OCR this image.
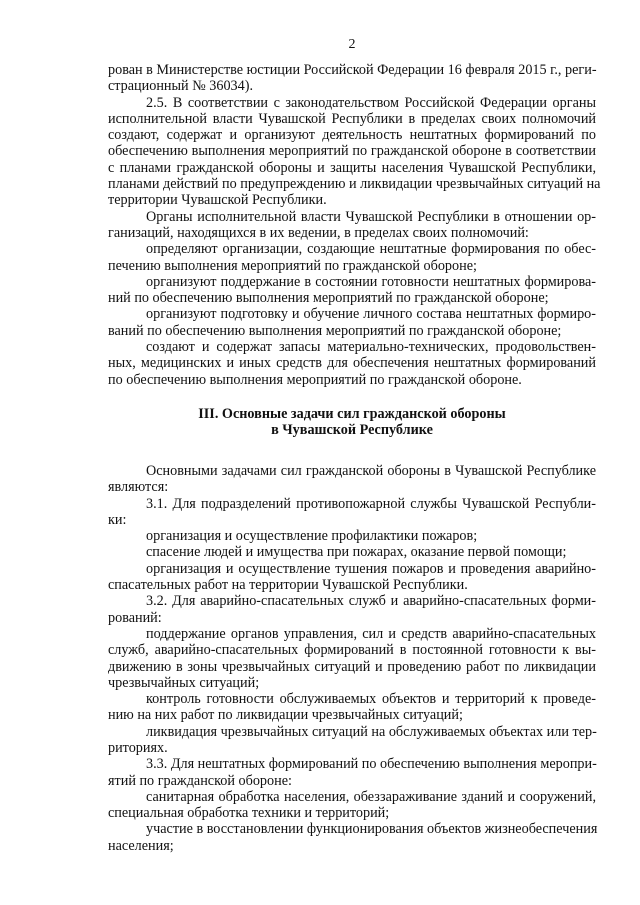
2
рован в Министерстве юстиции Российской Федерации 16 февраля 2015 г., реги-
страционный № 36034).
2.5. В соответствии с законодательством Российской Федерации органы
исполнительной власти Чувашской Республики в пределах своих полномочий
создают, содержат и организуют деятельность нештатных формирований по
обеспечению выполнения мероприятий по гражданской обороне в соответствии
с планами гражданской обороны и защиты населения Чувашской Республики,
планами действий по предупреждению и ликвидации чрезвычайных ситуаций на
территории Чувашской Республики.
Органы исполнительной власти Чувашской Республики в отношении ор-
ганизаций, находящихся в их ведении, в пределах своих полномочий:
определяют организации, создающие нештатные формирования по обес-
печению выполнения мероприятий по гражданской обороне;
организуют поддержание в состоянии готовности нештатных формирова-
ний по обеспечению выполнения мероприятий по гражданской обороне;
организуют подготовку и обучение личного состава нештатных формиро-
ваний по обеспечению выполнения мероприятий по гражданской обороне;
создают и содержат запасы материально-технических, продовольствен-
ных, медицинских и иных средств для обеспечения нештатных формирований
по обеспечению выполнения мероприятий по гражданской обороне.
III. Основные задачи сил гражданской обороны
в Чувашской Республике
Основными задачами сил гражданской обороны в Чувашской Республике
являются:
3.1. Для подразделений противопожарной службы Чувашской Республи-
ки:
организация и осуществление профилактики пожаров;
спасение людей и имущества при пожарах, оказание первой помощи;
организация и осуществление тушения пожаров и проведения аварийно-
спасательных работ на территории Чувашской Республики.
3.2. Для аварийно-спасательных служб и аварийно-спасательных форми-
рований:
поддержание органов управления, сил и средств аварийно-спасательных
служб, аварийно-спасательных формирований в постоянной готовности к вы-
движению в зоны чрезвычайных ситуаций и проведению работ по ликвидации
чрезвычайных ситуаций;
контроль готовности обслуживаемых объектов и территорий к проведе-
нию на них работ по ликвидации чрезвычайных ситуаций;
ликвидация чрезвычайных ситуаций на обслуживаемых объектах или тер-
риториях.
3.3. Для нештатных формирований по обеспечению выполнения меропри-
ятий по гражданской обороне:
санитарная обработка населения, обеззараживание зданий и сооружений,
специальная обработка техники и территорий;
участие в восстановлении функционирования объектов жизнеобеспечения
населения;
